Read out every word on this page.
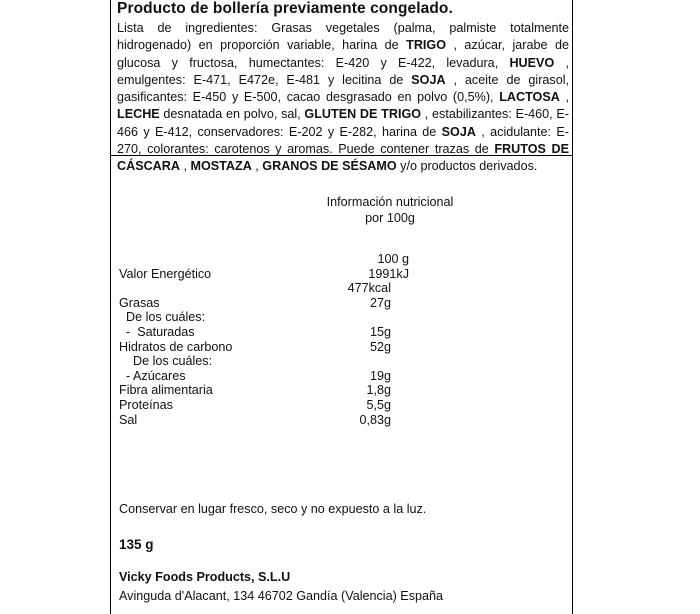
Producto de bollería previamente congelado.
Lista de ingredientes: Grasas vegetales (palma, palmiste totalmente hidrogenado) en proporción variable, harina de TRIGO , azúcar, jarabe de glucosa y fructosa, humectantes: E-420 y E-422, levadura, HUEVO , emulgentes: E-471, E472e, E-481 y lecitina de SOJA , aceite de girasol, gasificantes: E-450 y E-500, cacao desgrasado en polvo (0,5%), LACTOSA , LECHE desnatada en polvo, sal, GLUTEN DE TRIGO , estabilizantes: E-460, E-466 y E-412, conservadores: E-202 y E-282, harina de SOJA , acidulante: E-270, colorantes: carotenos y aromas. Puede contener trazas de FRUTOS DE CÁSCARA , MOSTAZA , GRANOS DE SÉSAMO y/o productos derivados.
Información nutricional
por 100g
100 g
Valor Energético	1991kJ
477kcal
Grasas	27g
De los cuáles:
-  Saturadas	15g
Hidratos de carbono	52g
De los cuáles:
- Azúcares	19g
Fibra alimentaria	1,8g
Proteínas	5,5g
Sal	0,83g
Conservar en lugar fresco, seco y no expuesto a la luz.
135 g
Vicky Foods Products, S.L.U
Avinguda d'Alacant, 134 46702 Gandía (Valencia) España
